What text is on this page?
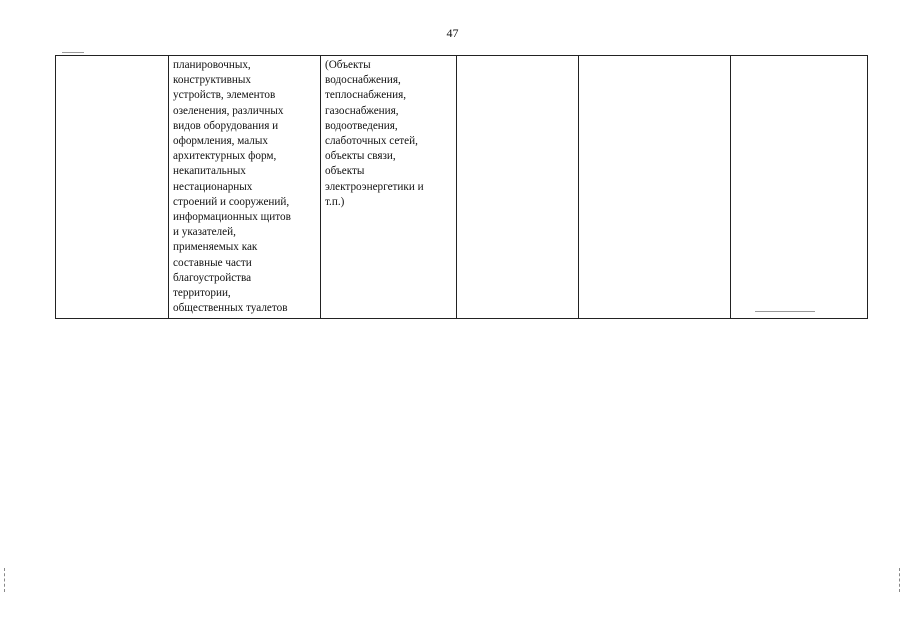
47
	планировочных,
конструктивных
устройств, элементов
озеленения, различных
видов оборудования и
оформления, малых
архитектурных форм,
некапитальных
нестационарных
строений и сооружений,
информационных щитов
и указателей,
применяемых как
составные части
благоустройства
территории,
общественных туалетов	(Объекты
водоснабжения,
теплоснабжения,
газоснабжения,
водоотведения,
слаботочных сетей,
объекты связи,
объекты
электроэнергетики и
т.п.)			
